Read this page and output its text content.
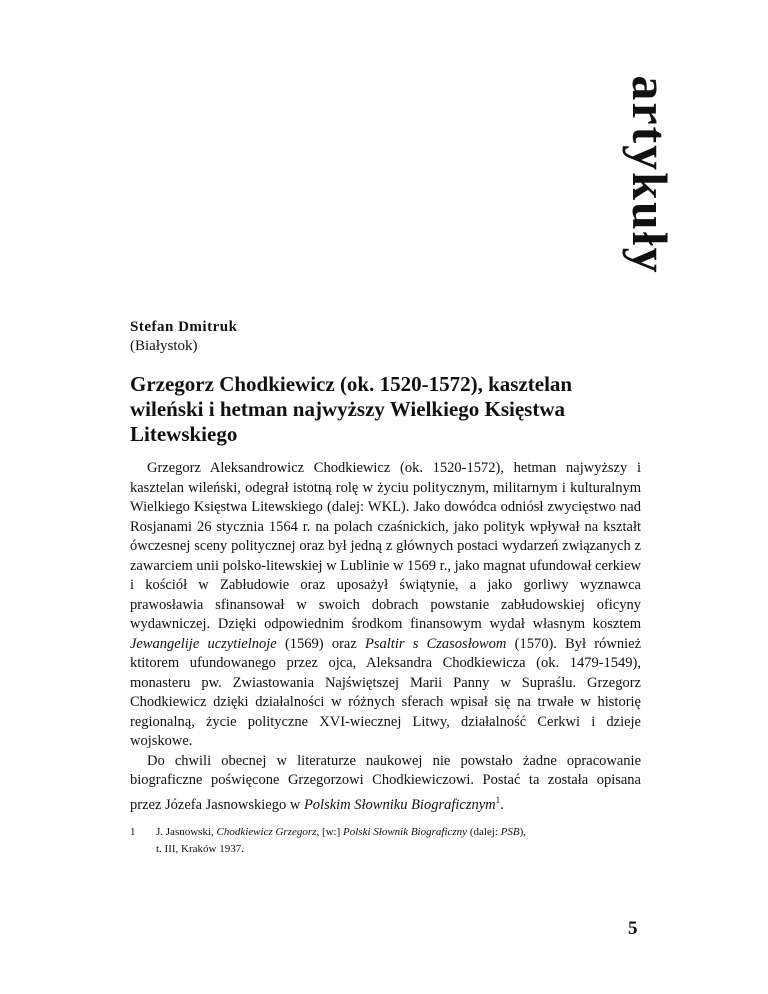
artykuły
Stefan Dmitruk
(Białystok)
Grzegorz Chodkiewicz (ok. 1520-1572), kasztelan wileński i hetman najwyższy Wielkiego Księstwa Litewskiego

Grzegorz Aleksandrowicz Chodkiewicz (ok. 1520-1572), hetman najwyższy i kasztelan wileński, odegrał istotną rolę w życiu politycznym, militarnym i kulturalnym Wielkiego Księstwa Litewskiego (dalej: WKL). Jako dowódca odniósł zwycięstwo nad Rosjanami 26 stycznia 1564 r. na polach czaśnickich, jako polityk wpływał na kształt ówczesnej sceny politycznej oraz był jedną z głównych postaci wydarzeń związanych z zawarciem unii polsko-litewskiej w Lublinie w 1569 r., jako magnat ufundował cerkiew i kościół w Zabłudowie oraz uposażył świątynie, a jako gorliwy wyznawca prawosławia sfinansował w swoich dobrach powstanie zabłudowskiej oficyny wydawniczej. Dzięki odpowiednim środkom finansowym wydał własnym kosztem Jewangelije uczytielnoje (1569) oraz Psaltir s Czasosłowom (1570). Był również ktitorem ufundowanego przez ojca, Aleksandra Chodkiewicza (ok. 1479-1549), monasteru pw. Zwiastowania Najświętszej Marii Panny w Supraślu. Grzegorz Chodkiewicz dzięki działalności w różnych sferach wpisał się na trwałe w historię regionalną, życie polityczne XVI-wiecznej Litwy, działalność Cerkwi i dzieje wojskowe.

Do chwili obecnej w literaturze naukowej nie powstało żadne opracowanie biograficzne poświęcone Grzegorzowi Chodkiewiczowi. Postać ta została opisana przez Józefa Jasnowskiego w Polskim Słowniku Biograficznym$^1$.

1 J. Jasnowski, Chodkiewicz Grzegorz, [w:] Polski Słownik Biograficzny (dalej: PSB),
t. III, Kraków 1937.
5
